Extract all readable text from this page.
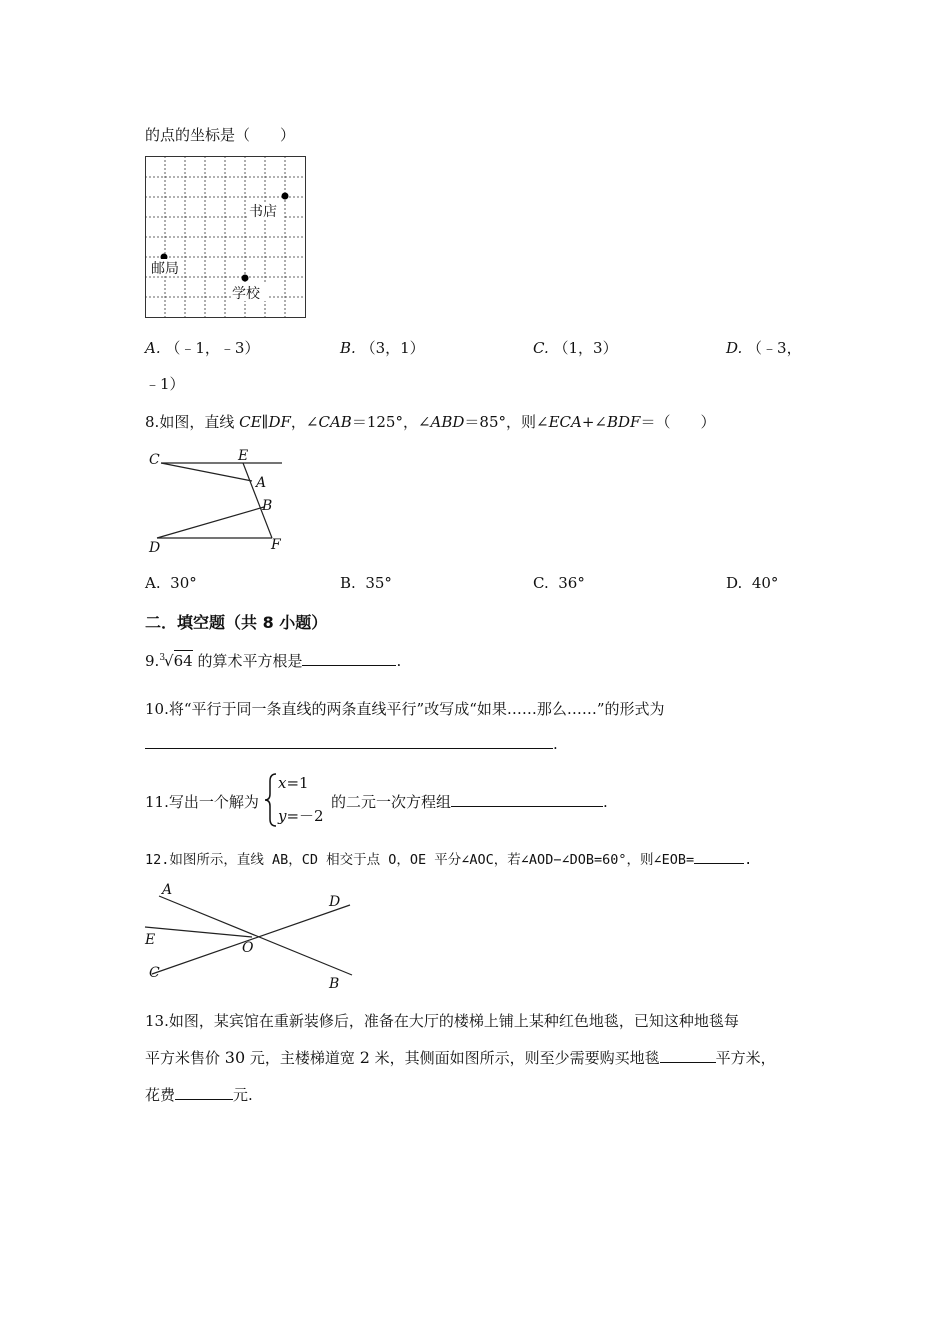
的点的坐标是（　　）
书店
邮局
学校
A. （﹣1，﹣3）	B. （3，1）	C. （1，3）	D. （﹣3，
﹣1）
8.如图，直线 CE∥DF，∠CAB＝125°，∠ABD＝85°，则∠ECA+∠BDF＝（　　）
C	E
A
B
D	F
A. 30°	B. 35°	C. 36°	D. 40°
二．填空题（共 8 小题）
9.$^3$√64 的算术平方根是	.
10.将“平行于同一条直线的两条直线平行”改写成“如果……那么……”的形式为
.
11.写出一个解为
x=1
y=－2
的二元一次方程组	.
12.如图所示，直线 AB，CD 相交于点 O，OE 平分∠AOC，若∠AOD−∠DOB=60°，则∠EOB=	.
A
D
E	O
C
B
13.如图，某宾馆在重新装修后，准备在大厅的楼梯上铺上某种红色地毯，已知这种地毯每
平方米售价 30 元，主楼梯道宽 2 米，其侧面如图所示，则至少需要购买地毯	平方米，
花费	元.
